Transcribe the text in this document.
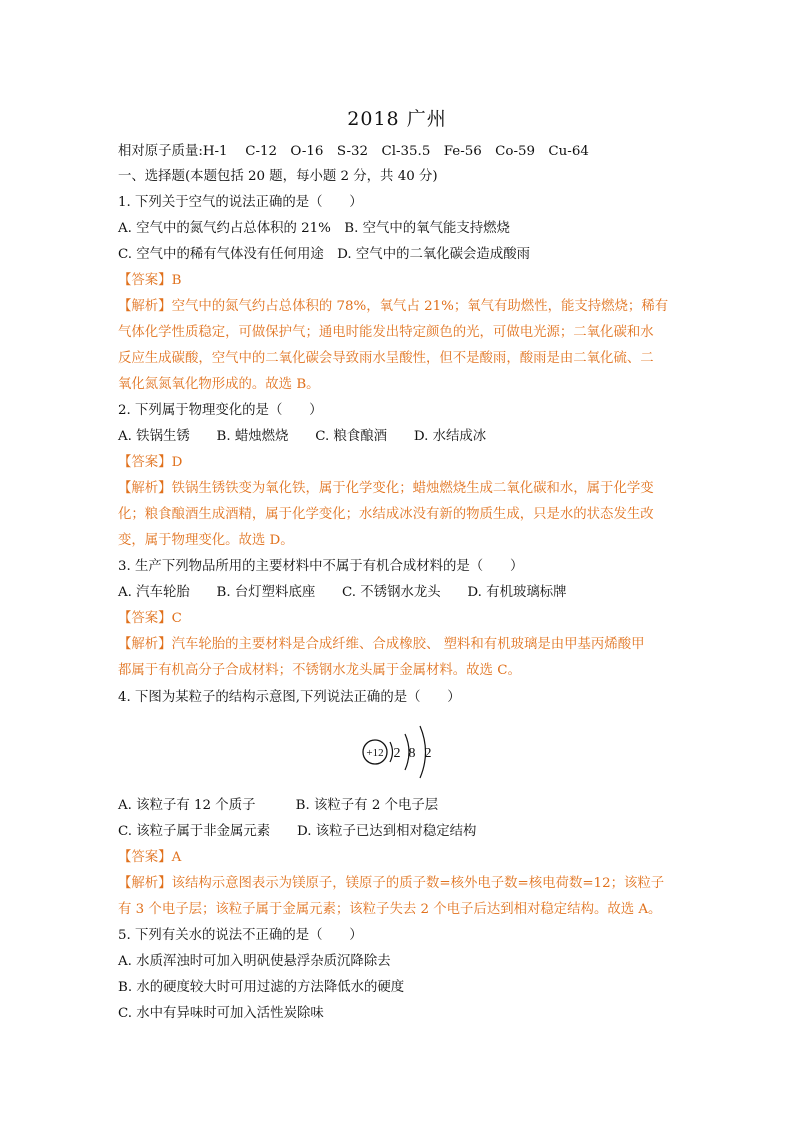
2018 广州
相对原子质量:H-1　 C-12　O-16　S-32　Cl-35.5　Fe-56　Co-59　Cu-64
一、选择题(本题包括 20 题，每小题 2 分，共 40 分)
1. 下列关于空气的说法正确的是（　　）
A. 空气中的氮气约占总体积的 21%　B. 空气中的氧气能支持燃烧
C. 空气中的稀有气体没有任何用途　D. 空气中的二氧化碳会造成酸雨
【答案】B
【解析】空气中的氮气约占总体积的 78%，氧气占 21%；氧气有助燃性，能支持燃烧；稀有
气体化学性质稳定，可做保护气；通电时能发出特定颜色的光，可做电光源；二氧化碳和水
反应生成碳酸，空气中的二氧化碳会导致雨水呈酸性，但不是酸雨，酸雨是由二氧化硫、二
氧化氮氮氧化物形成的。故选 B。
2. 下列属于物理变化的是（　　）
A. 铁锅生锈　　B. 蜡烛燃烧　　C. 粮食酿酒　　D. 水结成冰
【答案】D
【解析】铁锅生锈铁变为氧化铁，属于化学变化；蜡烛燃烧生成二氧化碳和水，属于化学变
化；粮食酿酒生成酒精，属于化学变化；水结成冰没有新的物质生成，只是水的状态发生改
变，属于物理变化。故选 D。
3. 生产下列物品所用的主要材料中不属于有机合成材料的是（　　）
A. 汽车轮胎　　B. 台灯塑料底座　　C. 不锈钢水龙头　　D. 有机玻璃标牌
【答案】C
【解析】汽车轮胎的主要材料是合成纤维、合成橡胶、 塑料和有机玻璃是由甲基丙烯酸甲
都属于有机高分子合成材料；不锈钢水龙头属于金属材料。故选 C。
4. 下图为某粒子的结构示意图,下列说法正确的是（　　）
+12 2 8 2
A. 该粒子有 12 个质子　　　B. 该粒子有 2 个电子层
C. 该粒子属于非金属元素　　D. 该粒子已达到相对稳定结构
【答案】A
【解析】该结构示意图表示为镁原子，镁原子的质子数=核外电子数=核电荷数=12；该粒子
有 3 个电子层；该粒子属于金属元素；该粒子失去 2 个电子后达到相对稳定结构。故选 A。
5. 下列有关水的说法不正确的是（　　）
A. 水质浑浊时可加入明矾使悬浮杂质沉降除去
B. 水的硬度较大时可用过滤的方法降低水的硬度
C. 水中有异味时可加入活性炭除味
